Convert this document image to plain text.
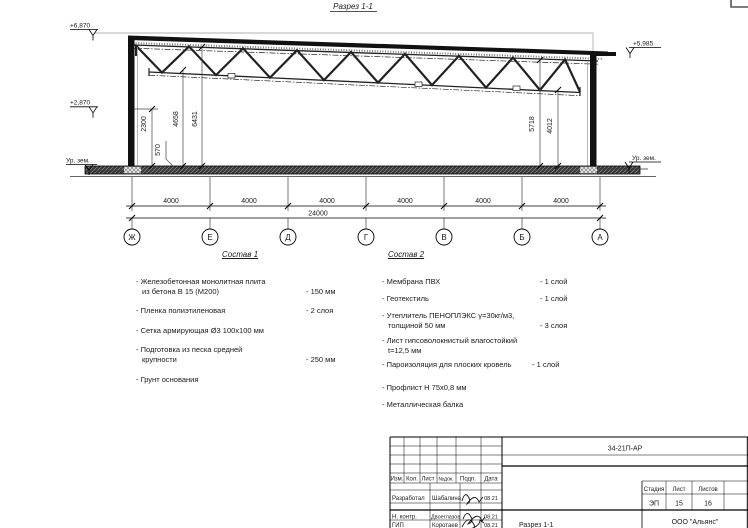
Разрез 1-1
+6,870
+2,870
Ур. зем.
+5,985
Ур. зем.
2300
570
4658 6431	5718 4012
4000	4000	4000	4000	4000	4000
24000
Ж	Е	Д	Г	В	Б	А
34-21П-АР
Изм. Кол. Лист №док. Подп. Дата
Разработал Шабалина	08.21
Н. контр.	Двоеглазов	08.21
ГИП	Коротаев	08.21
Стадия Лист Листов
ЭП 15	16
Разрез 1-1	ООО "Альянс"
Состав 1
- Железобетонная монолитная плита
из бетона В 15 (М200)	- 150 мм
- Пленка полиэтиленовая	- 2 слоя
- Сетка армирующая Ø3 100х100 мм
- Подготовка из песка средней
крупности	- 250 мм
- Грунт основания
Состав 2
- Мембрана ПВХ	- 1 слой
- Геотекстиль	- 1 слой
- Утеплитель ПЕНОПЛЭКС γ=30кг/м3,
толщиной 50 мм	- 3 слоя
- Лист гипсоволокнистый влагостойкий
t=12,5 мм
- Пароизоляция для плоских кровель	- 1 слой
- Профлист Н 75х0,8 мм
- Металлическая балка
